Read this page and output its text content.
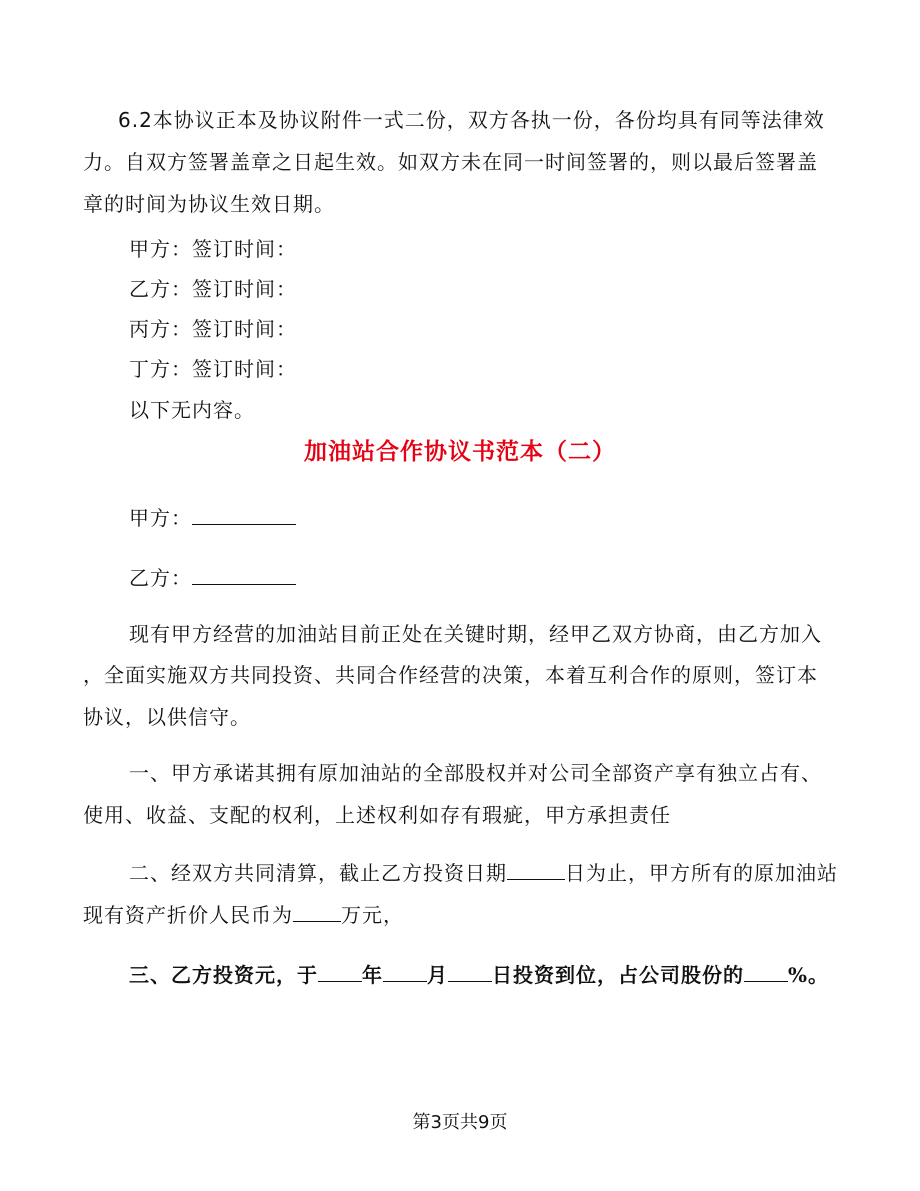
6.2本协议正本及协议附件一式二份，双方各执一份，各份均具有同等法律效
力。自双方签署盖章之日起生效。如双方未在同一时间签署的，则以最后签署盖
章的时间为协议生效日期。
甲方：签订时间：
乙方：签订时间：
丙方：签订时间：
丁方：签订时间：
以下无内容。
加油站合作协议书范本（二）
甲方：
乙方：
现有甲方经营的加油站目前正处在关键时期，经甲乙双方协商，由乙方加入
，全面实施双方共同投资、共同合作经营的决策，本着互利合作的原则，签订本
协议，以供信守。
一、甲方承诺其拥有原加油站的全部股权并对公司全部资产享有独立占有、
使用、收益、支配的权利，上述权利如存有瑕疵，甲方承担责任
二、经双方共同清算，截止乙方投资日期	日为止，甲方所有的原加油站
现有资产折价人民币为 万元，
三、乙方投资元，于 年 月 日投资到位，占公司股份的 %。
第3页共9页
